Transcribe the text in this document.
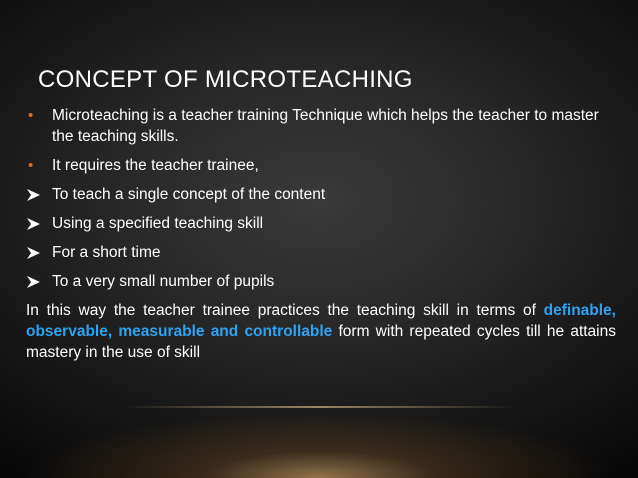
CONCEPT OF MICROTEACHING
• Microteaching is a teacher training Technique which helps the teacher to master the teaching skills.
• It requires the teacher trainee,
To teach a single concept of the content
Using a specified teaching skill
For a short time
To a very small number of pupils
In this way the teacher trainee practices the teaching skill in terms of definable, observable, measurable and controllable form with repeated cycles till he attains mastery in the use of skill
